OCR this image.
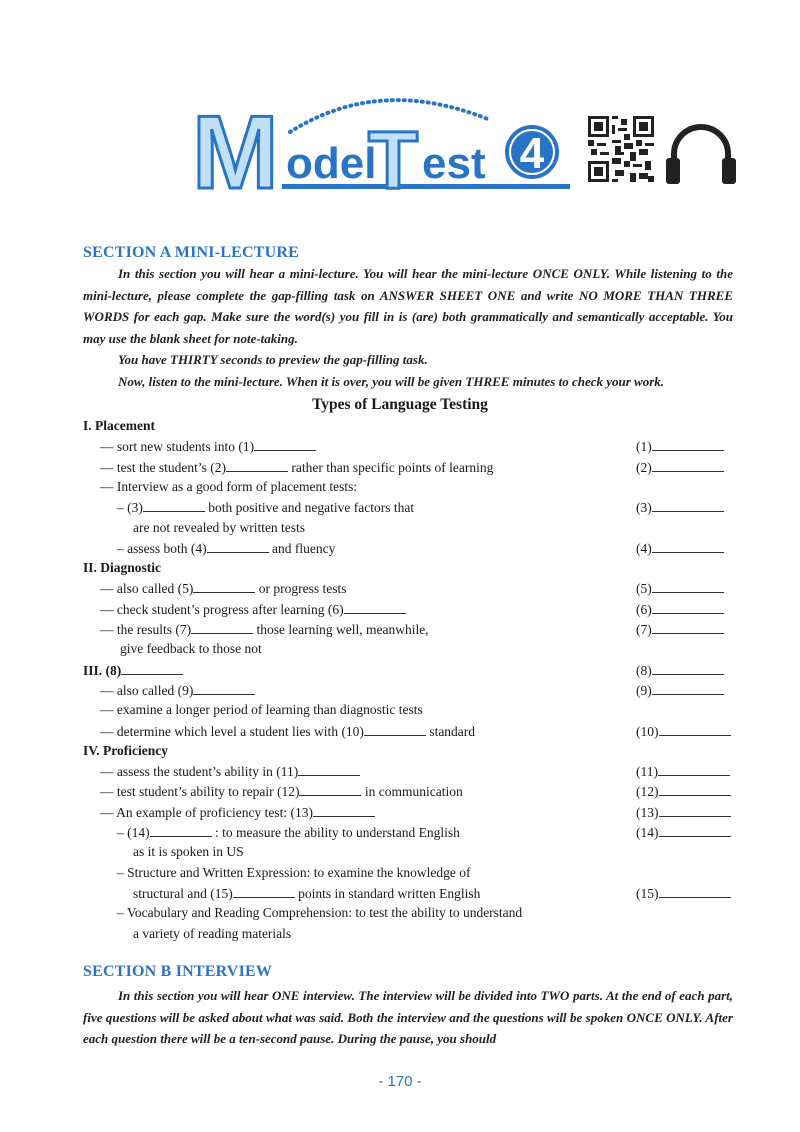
M odel
T est 4
SECTION A MINI-LECTURE

In this section you will hear a mini-lecture. You will hear the mini-lecture ONCE ONLY. While listening to the mini-lecture, please complete the gap-filling task on ANSWER SHEET ONE and write NO MORE THAN THREE WORDS for each gap. Make sure the word(s) you fill in is (are) both grammatically and semantically acceptable. You may use the blank sheet for note-taking.

You have THIRTY seconds to preview the gap-filling task.

Now, listen to the mini-lecture. When it is over, you will be given THREE minutes to check your work.

Types of Language Testing
I. Placement
— sort new students into (1)	(1)
— test the student’s (2)	rather than specific points of learning	(2)
— Interview as a good form of placement tests:
– (3)	both positive and negative factors that	(3)
are not revealed by written tests
– assess both (4)	and fluency	(4)
II. Diagnostic
— also called (5)	or progress tests	(5)
— check student’s progress after learning (6)	(6)
— the results (7)	those learning well, meanwhile,	(7)
give feedback to those not
III. (8)	(8)
— also called (9)	(9)
— examine a longer period of learning than diagnostic tests
— determine which level a student lies with (10)	standard	(10)
IV. Proficiency
— assess the student’s ability in (11)	(11)
— test student’s ability to repair (12)	in communication	(12)
— An example of proficiency test: (13)	(13)
– (14)	: to measure the ability to understand English	(14)
as it is spoken in US
– Structure and Written Expression: to examine the knowledge of
structural and (15)	points in standard written English	(15)
– Vocabulary and Reading Comprehension: to test the ability to understand
a variety of reading materials
SECTION B INTERVIEW

In this section you will hear ONE interview. The interview will be divided into TWO parts. At the end of each part, five questions will be asked about what was said. Both the interview and the questions will be spoken ONCE ONLY. After each question there will be a ten-second pause. During the pause, you should

- 170 -
